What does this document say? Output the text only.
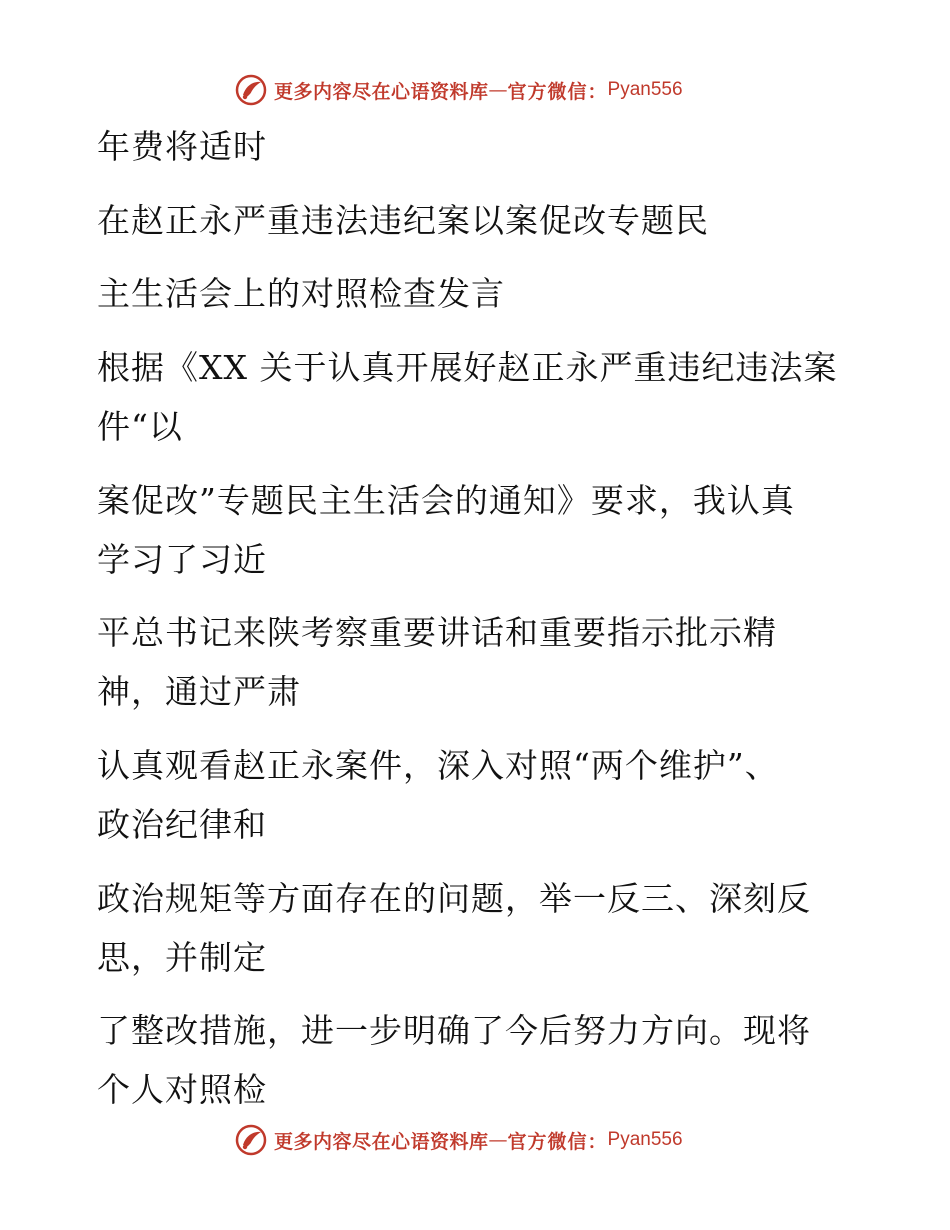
更多内容尽在心语资料库 — 官方微信： Pyan556
年费将适时
在赵正永严重违法违纪案以案促改专题民
主生活会上的对照检查发言
根据《XX 关于认真开展好赵正永严重违纪违法案
件“以
案促改”专题民主生活会的通知》要求，我认真
学习了习近
平总书记来陕考察重要讲话和重要指示批示精
神，通过严肃
认真观看赵正永案件，深入对照“两个维护”、
政治纪律和
政治规矩等方面存在的问题，举一反三、深刻反
思，并制定
了整改措施，进一步明确了今后努力方向。现将
个人对照检
更多内容尽在心语资料库 — 官方微信： Pyan556
